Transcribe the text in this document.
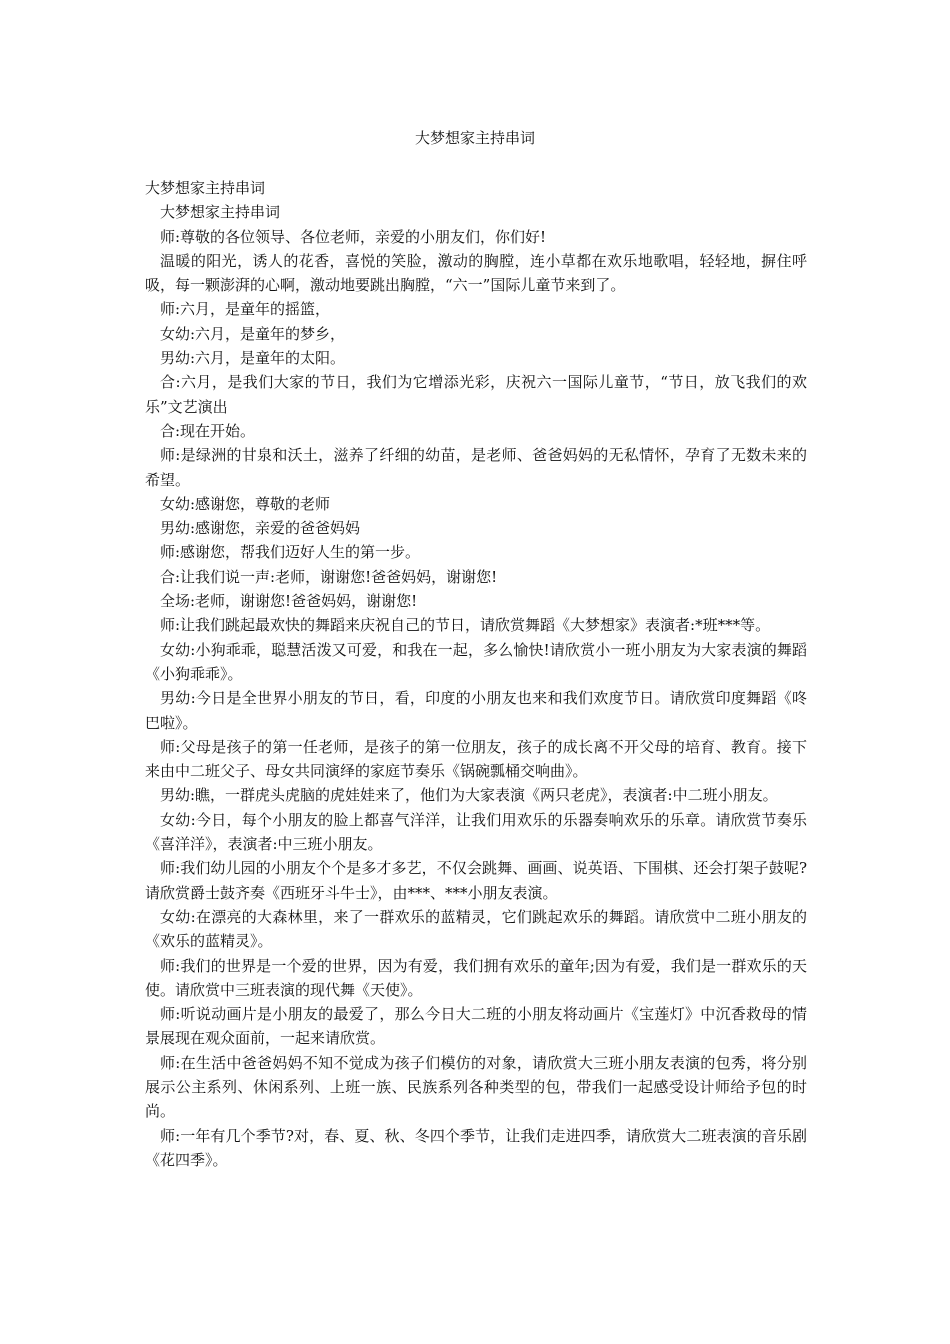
大梦想家主持串词

大梦想家主持串词

大梦想家主持串词

师:尊敬的各位领导、各位老师，亲爱的小朋友们，你们好!

温暖的阳光，诱人的花香，喜悦的笑脸，激动的胸膛，连小草都在欢乐地歌唱，轻轻地，摒住呼吸，每一颗澎湃的心啊，激动地要跳出胸膛，“六一”国际儿童节来到了。

师:六月，是童年的摇篮，

女幼:六月，是童年的梦乡，

男幼:六月，是童年的太阳。

合:六月，是我们大家的节日，我们为它增添光彩，庆祝六一国际儿童节，“节日，放飞我们的欢乐”文艺演出

合:现在开始。

师:是绿洲的甘泉和沃土，滋养了纤细的幼苗，是老师、爸爸妈妈的无私情怀，孕育了无数未来的希望。

女幼:感谢您，尊敬的老师

男幼:感谢您，亲爱的爸爸妈妈

师:感谢您，帮我们迈好人生的第一步。

合:让我们说一声:老师，谢谢您!爸爸妈妈，谢谢您!

全场:老师，谢谢您!爸爸妈妈，谢谢您!

师:让我们跳起最欢快的舞蹈来庆祝自己的节日，请欣赏舞蹈《大梦想家》表演者:*班***等。

女幼:小狗乖乖，聪慧活泼又可爱，和我在一起，多么愉快!请欣赏小一班小朋友为大家表演的舞蹈《小狗乖乖》。

男幼:今日是全世界小朋友的节日，看，印度的小朋友也来和我们欢度节日。请欣赏印度舞蹈《咚巴啦》。

师:父母是孩子的第一任老师，是孩子的第一位朋友，孩子的成长离不开父母的培育、教育。接下来由中二班父子、母女共同演绎的家庭节奏乐《锅碗瓢桶交响曲》。

男幼:瞧，一群虎头虎脑的虎娃娃来了，他们为大家表演《两只老虎》，表演者:中二班小朋友。

女幼:今日，每个小朋友的脸上都喜气洋洋，让我们用欢乐的乐器奏响欢乐的乐章。请欣赏节奏乐《喜洋洋》，表演者:中三班小朋友。

师:我们幼儿园的小朋友个个是多才多艺，不仅会跳舞、画画、说英语、下围棋、还会打架子鼓呢?请欣赏爵士鼓齐奏《西班牙斗牛士》，由***、***小朋友表演。

女幼:在漂亮的大森林里，来了一群欢乐的蓝精灵，它们跳起欢乐的舞蹈。请欣赏中二班小朋友的《欢乐的蓝精灵》。

师:我们的世界是一个爱的世界，因为有爱，我们拥有欢乐的童年;因为有爱，我们是一群欢乐的天使。请欣赏中三班表演的现代舞《天使》。

师:听说动画片是小朋友的最爱了，那么今日大二班的小朋友将动画片《宝莲灯》中沉香救母的情景展现在观众面前，一起来请欣赏。

师:在生活中爸爸妈妈不知不觉成为孩子们模仿的对象，请欣赏大三班小朋友表演的包秀，将分别展示公主系列、休闲系列、上班一族、民族系列各种类型的包，带我们一起感受设计师给予包的时尚。

师:一年有几个季节?对，春、夏、秋、冬四个季节，让我们走进四季，请欣赏大二班表演的音乐剧《花四季》。
